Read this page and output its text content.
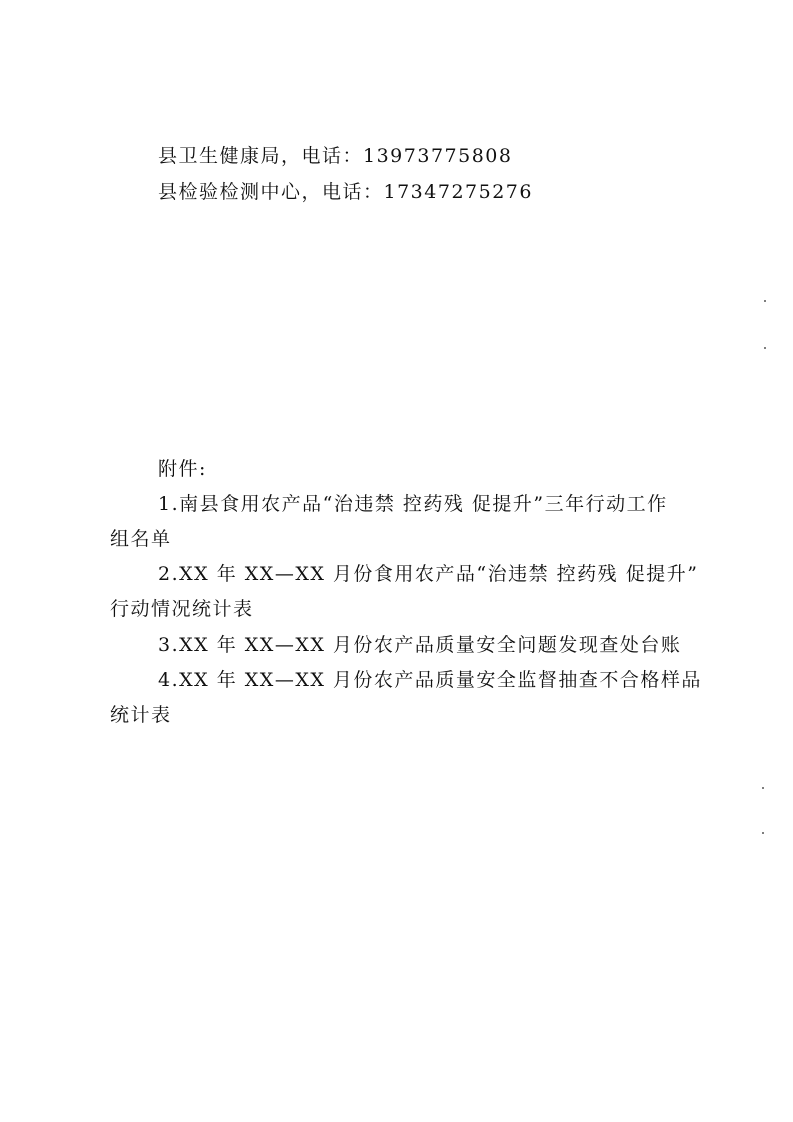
县卫生健康局，电话：13973775808
县检验检测中心，电话：17347275276
附件:
1.南县食用农产品“治违禁 控药残 促提升”三年行动工作
组名单
2.XX 年 XX—XX 月份食用农产品“治违禁 控药残 促提升”
行动情况统计表
3.XX 年 XX—XX 月份农产品质量安全问题发现查处台账
4.XX 年 XX—XX 月份农产品质量安全监督抽查不合格样品
统计表
